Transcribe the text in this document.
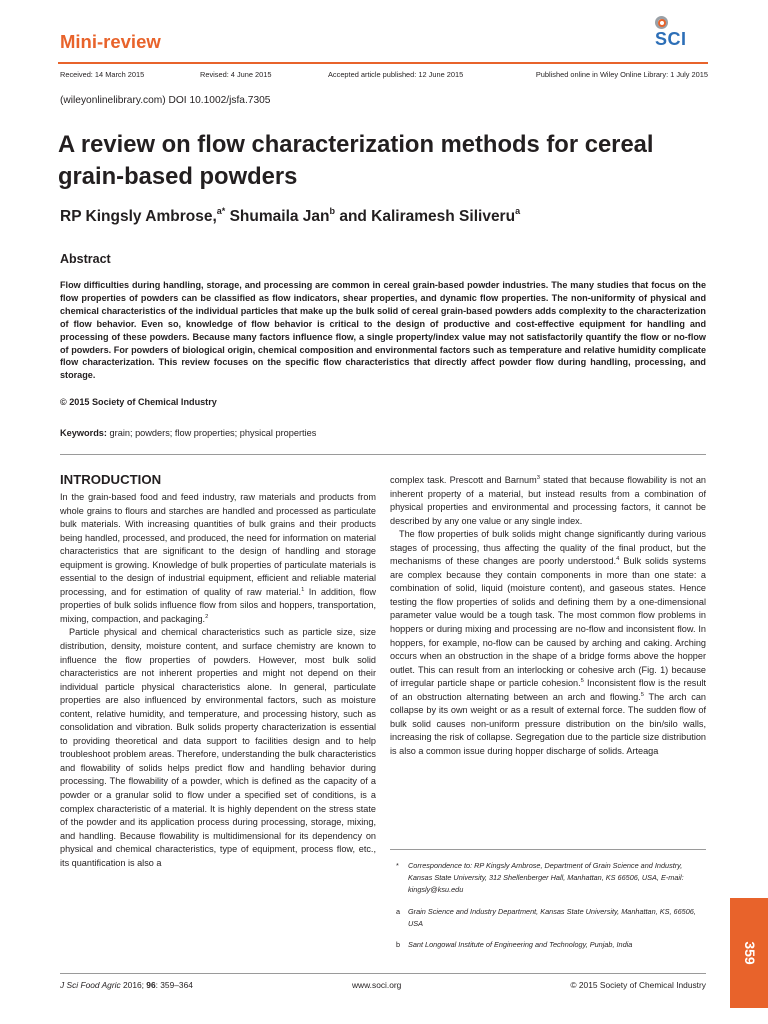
Mini-review	SCI
Received: 14 March 2015	Revised: 4 June 2015	Accepted article published: 12 June 2015	Published online in Wiley Online Library: 1 July 2015
(wileyonlinelibrary.com) DOI 10.1002/jsfa.7305
A review on flow characterization methods for cereal grain-based powders
RP Kingsly Ambrose,$^{a*}$ Shumaila Jan$^b$ and Kaliramesh Siliveru$^a$
Abstract

Flow difficulties during handling, storage, and processing are common in cereal grain-based powder industries. The many studies that focus on the flow properties of powders can be classified as flow indicators, shear properties, and dynamic flow properties. The non-uniformity of physical and chemical characteristics of the individual particles that make up the bulk solid of cereal grain-based powders adds complexity to the characterization of flow behavior. Even so, knowledge of flow behavior is critical to the design of productive and cost-effective equipment for handling and processing of these powders. Because many factors influence flow, a single property/index value may not satisfactorily quantify the flow or no-flow of powders. For powders of biological origin, chemical composition and environmental factors such as temperature and relative humidity complicate flow characterization. This review focuses on the specific flow characteristics that directly affect powder flow during handling, processing, and storage.

© 2015 Society of Chemical Industry
Keywords: grain; powders; flow properties; physical properties
INTRODUCTION

In the grain-based food and feed industry, raw materials and products from whole grains to flours and starches are handled and processed as particulate bulk materials. With increasing quantities of bulk grains and their products being handled, processed, and produced, the need for information on material characteristics that are significant to the design of handling and storage equipment is growing. Knowledge of bulk properties of particulate materials is essential to the design of industrial equipment, efficient and reliable material processing, and for estimation of quality of raw material.$^1$ In addition, flow properties of bulk solids influence flow from silos and hoppers, transportation, mixing, compaction, and packaging.$^2$

Particle physical and chemical characteristics such as particle size, size distribution, density, moisture content, and surface chemistry are known to influence the flow properties of powders. However, most bulk solid characteristics are not inherent properties and might not depend on their individual particle physical characteristics alone. In general, particulate properties are also influenced by environmental factors, such as moisture content, relative humidity, and temperature, and processing history, such as consolidation and vibration. Bulk solids property characterization is essential to providing theoretical and data support to facilities design and to help troubleshoot problem areas. Therefore, understanding the bulk characteristics and flowability of solids helps predict flow and handling behavior during processing. The flowability of a powder, which is defined as the capacity of a powder or a granular solid to flow under a specified set of conditions, is a complex characteristic of a material. It is highly dependent on the stress state of the powder and its application process during processing, storage, mixing, and handling. Because flowability is multidimensional for its dependency on physical and chemical characteristics, type of equipment, process flow, etc., its quantification is also a

complex task. Prescott and Barnum$^3$ stated that because flowability is not an inherent property of a material, but instead results from a combination of physical properties and environmental and processing factors, it cannot be described by any one value or any single index.

The flow properties of bulk solids might change significantly during various stages of processing, thus affecting the quality of the final product, but the mechanisms of these changes are poorly understood.$^4$ Bulk solids systems are complex because they contain components in more than one state: a combination of solid, liquid (moisture content), and gaseous states. Hence testing the flow properties of solids and defining them by a one-dimensional parameter value would be a tough task. The most common flow problems in hoppers or during mixing and processing are no-flow and inconsistent flow. In hoppers, for example, no-flow can be caused by arching and caking. Arching occurs when an obstruction in the shape of a bridge forms above the hopper outlet. This can result from an interlocking or cohesive arch (Fig. 1) because of irregular particle shape or particle cohesion.$^5$ Inconsistent flow is the result of an obstruction alternating between an arch and flowing.$^5$ The arch can collapse by its own weight or as a result of external force. The sudden flow of bulk solid causes non-uniform pressure distribution on the bin/silo walls, increasing the risk of collapse. Segregation due to the particle size distribution is also a common issue during hopper discharge of solids. Arteaga

* Correspondence to: RP Kingsly Ambrose, Department of Grain Science and Industry, Kansas State University, 312 Shellenberger Hall, Manhattan, KS 66506, USA, E-mail: kingsly@ksu.edu
a Grain Science and Industry Department, Kansas State University, Manhattan, KS, 66506, USA
b Sant Longowal Institute of Engineering and Technology, Punjab, India
J Sci Food Agric 2016; 96: 359–364	www.soci.org	© 2015 Society of Chemical Industry
359
